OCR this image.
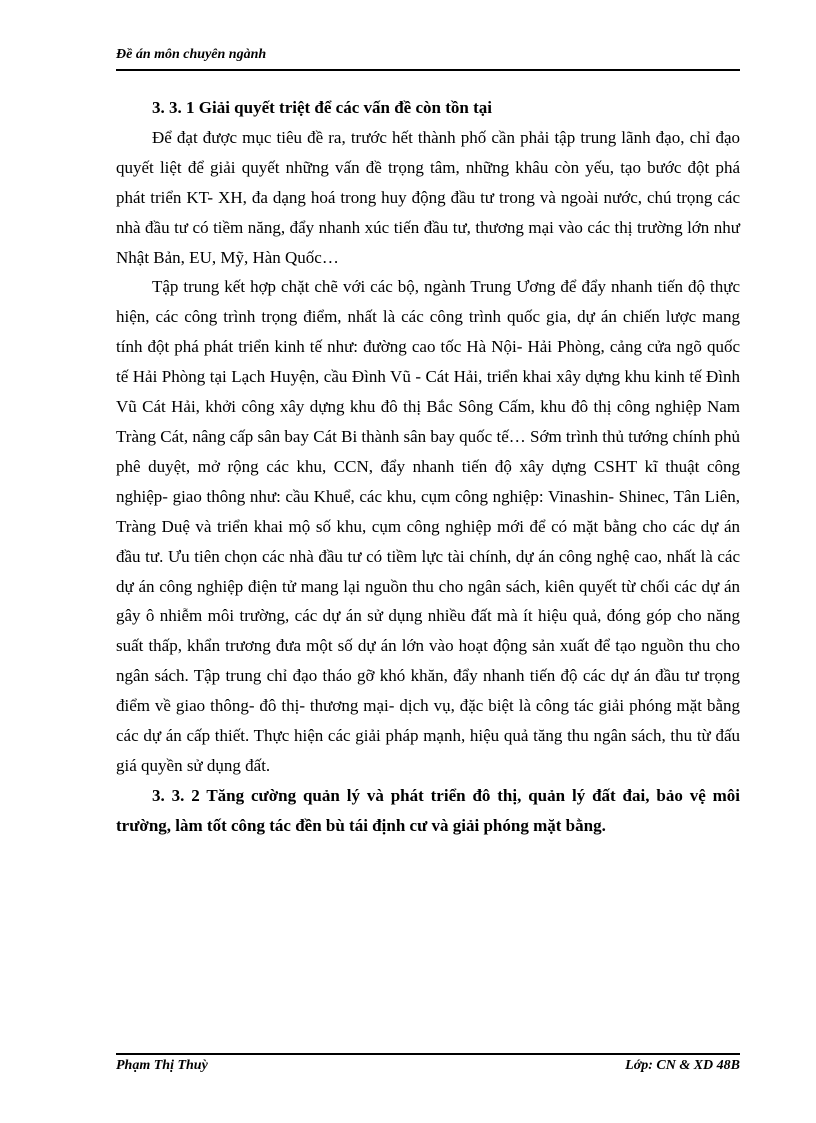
Đề án môn chuyên ngành

3. 3. 1 Giải quyết triệt để các vấn đề còn tồn tại

Để đạt được mục tiêu đề ra, trước hết thành phố cần phải tập trung lãnh đạo, chỉ đạo quyết liệt để giải quyết những vấn đề trọng tâm, những khâu còn yếu, tạo bước đột phá phát triển KT- XH, đa dạng hoá trong huy động đầu tư trong và ngoài nước, chú trọng các nhà đầu tư có tiềm năng, đẩy nhanh xúc tiến đầu tư, thương mại vào các thị trường lớn như Nhật Bản, EU, Mỹ, Hàn Quốc…

Tập trung kết hợp chặt chẽ với các bộ, ngành Trung Ương để đẩy nhanh tiến độ thực hiện, các công trình trọng điểm, nhất là các công trình quốc gia, dự án chiến lược mang tính đột phá phát triển kinh tế như: đường cao tốc Hà Nội- Hải Phòng, cảng cửa ngõ quốc tế Hải Phòng tại Lạch Huyện, cầu Đình Vũ - Cát Hải, triển khai xây dựng khu kinh tế Đình Vũ Cát Hải, khởi công xây dựng khu đô thị Bắc Sông Cấm, khu đô thị công nghiệp Nam Tràng Cát, nâng cấp sân bay Cát Bi thành sân bay quốc tế… Sớm trình thủ tướng chính phủ phê duyệt, mở rộng các khu, CCN, đẩy nhanh tiến độ xây dựng CSHT kĩ thuật công nghiệp- giao thông như: cầu Khuể, các khu, cụm công nghiệp: Vinashin- Shinec, Tân Liên, Tràng Duệ và triển khai mộ số khu, cụm công nghiệp mới để có mặt bằng cho các dự án đầu tư. Ưu tiên chọn các nhà đầu tư có tiềm lực tài chính, dự án công nghệ cao, nhất là các dự án công nghiệp điện tử mang lại nguồn thu cho ngân sách, kiên quyết từ chối các dự án gây ô nhiễm môi trường, các dự án sử dụng nhiều đất mà ít hiệu quả, đóng góp cho năng suất thấp, khẩn trương đưa một số dự án lớn vào hoạt động sản xuất để tạo nguồn thu cho ngân sách. Tập trung chỉ đạo tháo gỡ khó khăn, đẩy nhanh tiến độ các dự án đầu tư trọng điểm về giao thông- đô thị- thương mại- dịch vụ, đặc biệt là công tác giải phóng mặt bằng các dự án cấp thiết. Thực hiện các giải pháp mạnh, hiệu quả tăng thu ngân sách, thu từ đấu giá quyền sử dụng đất.

3. 3. 2 Tăng cường quản lý và phát triển đô thị, quản lý đất đai, bảo vệ môi trường, làm tốt công tác đền bù tái định cư và giải phóng mặt bằng.

Phạm Thị Thuỳ	Lớp: CN & XD 48B
